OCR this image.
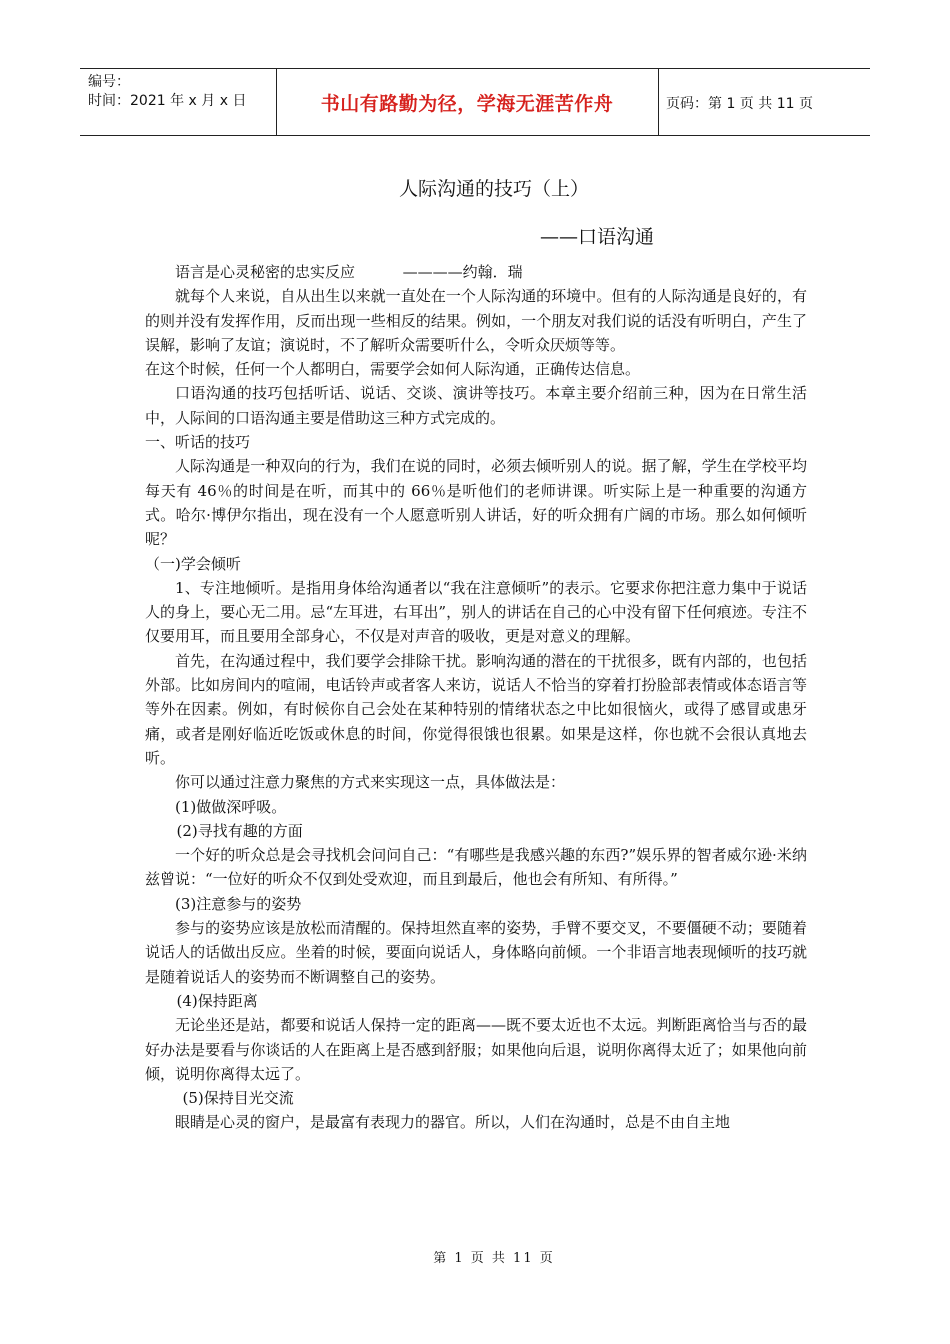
编号：
时间：2021 年 x 月 x 日	书山有路勤为径，学海无涯苦作舟	页码：第 1 页 共 11 页
人际沟通的技巧（上）
——口语沟通

语言是心灵秘密的忠实反应          ————约翰．瑞

就每个人来说，自从出生以来就一直处在一个人际沟通的环境中。但有的人际沟通是良好的，有的则并没有发挥作用，反而出现一些相反的结果。例如，一个朋友对我们说的话没有听明白，产生了误解，影响了友谊；演说时，不了解听众需要听什么，令听众厌烦等等。

在这个时候，任何一个人都明白，需要学会如何人际沟通，正确传达信息。

口语沟通的技巧包括听话、说话、交谈、演讲等技巧。本章主要介绍前三种，因为在日常生活中，人际间的口语沟通主要是借助这三种方式完成的。

一、听话的技巧

人际沟通是一种双向的行为，我们在说的同时，必须去倾听别人的说。据了解，学生在学校平均每天有 46％的时间是在听，而其中的 66％是听他们的老师讲课。听实际上是一种重要的沟通方式。哈尔·博伊尔指出，现在没有一个人愿意听别人讲话，好的听众拥有广阔的市场。那么如何倾听呢？

（一)学会倾听

1、专注地倾听。是指用身体给沟通者以“我在注意倾听”的表示。它要求你把注意力集中于说话人的身上，要心无二用。忌“左耳进，右耳出”，别人的讲话在自己的心中没有留下任何痕迹。专注不仅要用耳，而且要用全部身心，不仅是对声音的吸收，更是对意义的理解。

首先，在沟通过程中，我们要学会排除干扰。影响沟通的潜在的干扰很多，既有内部的，也包括外部。比如房间内的喧闹，电话铃声或者客人来访，说话人不恰当的穿着打扮脸部表情或体态语言等等外在因素。例如，有时候你自己会处在某种特别的情绪状态之中比如很恼火，或得了感冒或患牙痛，或者是刚好临近吃饭或休息的时间，你觉得很饿也很累。如果是这样，你也就不会很认真地去听。

你可以通过注意力聚焦的方式来实现这一点，具体做法是：

(1)做做深呼吸。

(2)寻找有趣的方面

一个好的听众总是会寻找机会问问自己：“有哪些是我感兴趣的东西?”娱乐界的智者威尔逊·米纳兹曾说：“一位好的听众不仅到处受欢迎，而且到最后，他也会有所知、有所得。”

(3)注意参与的姿势

参与的姿势应该是放松而清醒的。保持坦然直率的姿势，手臂不要交叉，不要僵硬不动；要随着说话人的话做出反应。坐着的时候，要面向说话人，身体略向前倾。一个非语言地表现倾听的技巧就是随着说话人的姿势而不断调整自己的姿势。

(4)保持距离

无论坐还是站，都要和说话人保持一定的距离——既不要太近也不太远。判断距离恰当与否的最好办法是要看与你谈话的人在距离上是否感到舒服；如果他向后退，说明你离得太近了；如果他向前倾，说明你离得太远了。

(5)保持目光交流

眼睛是心灵的窗户，是最富有表现力的器官。所以，人们在沟通时，总是不由自主地

第 1 页 共 11 页
